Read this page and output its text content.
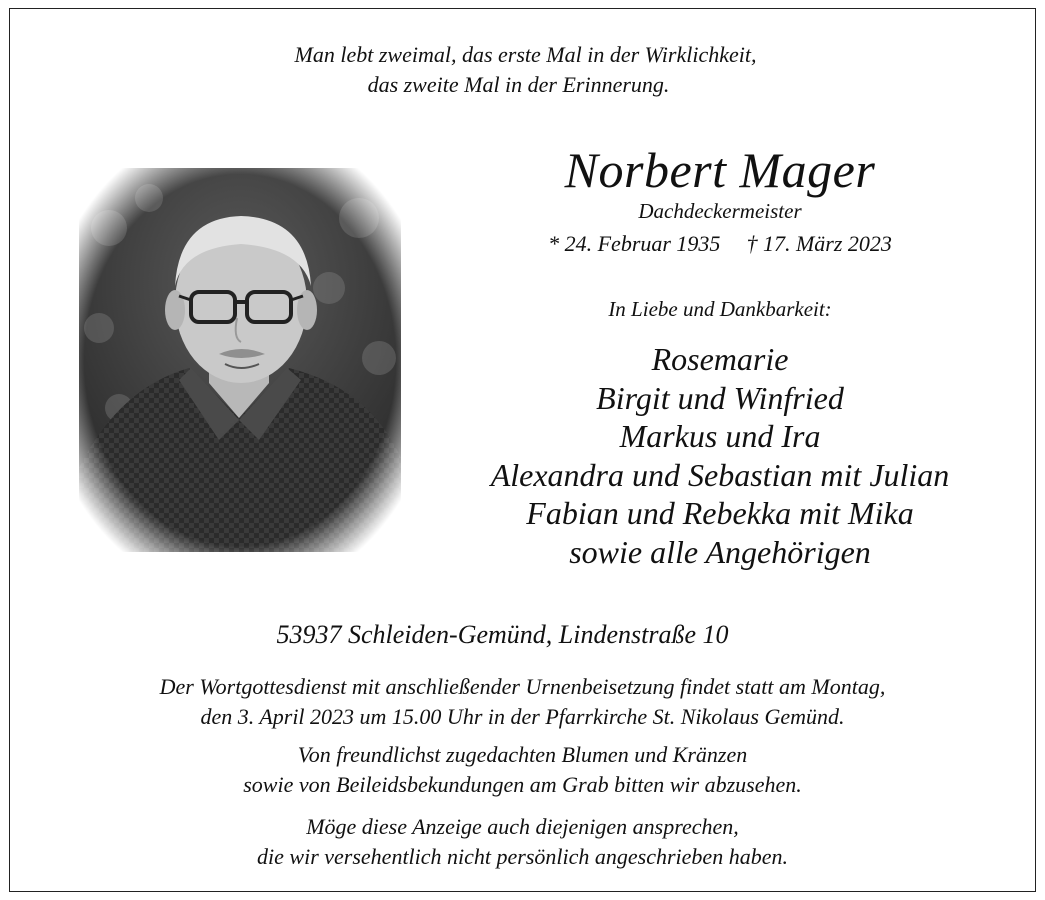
Man lebt zweimal, das erste Mal in der Wirklichkeit,
das zweite Mal in der Erinnerung.
Norbert Mager
Dachdeckermeister
* 24. Februar 1935 † 17. März 2023
In Liebe und Dankbarkeit:
Rosemarie
Birgit und Winfried
Markus und Ira
Alexandra und Sebastian mit Julian
Fabian und Rebekka mit Mika
sowie alle Angehörigen
53937 Schleiden-Gemünd, Lindenstraße 10
Der Wortgottesdienst mit anschließender Urnenbeisetzung findet statt am Montag,
den 3. April 2023 um 15.00 Uhr in der Pfarrkirche St. Nikolaus Gemünd.
Von freundlichst zugedachten Blumen und Kränzen
sowie von Beileidsbekundungen am Grab bitten wir abzusehen.
Möge diese Anzeige auch diejenigen ansprechen,
die wir versehentlich nicht persönlich angeschrieben haben.
